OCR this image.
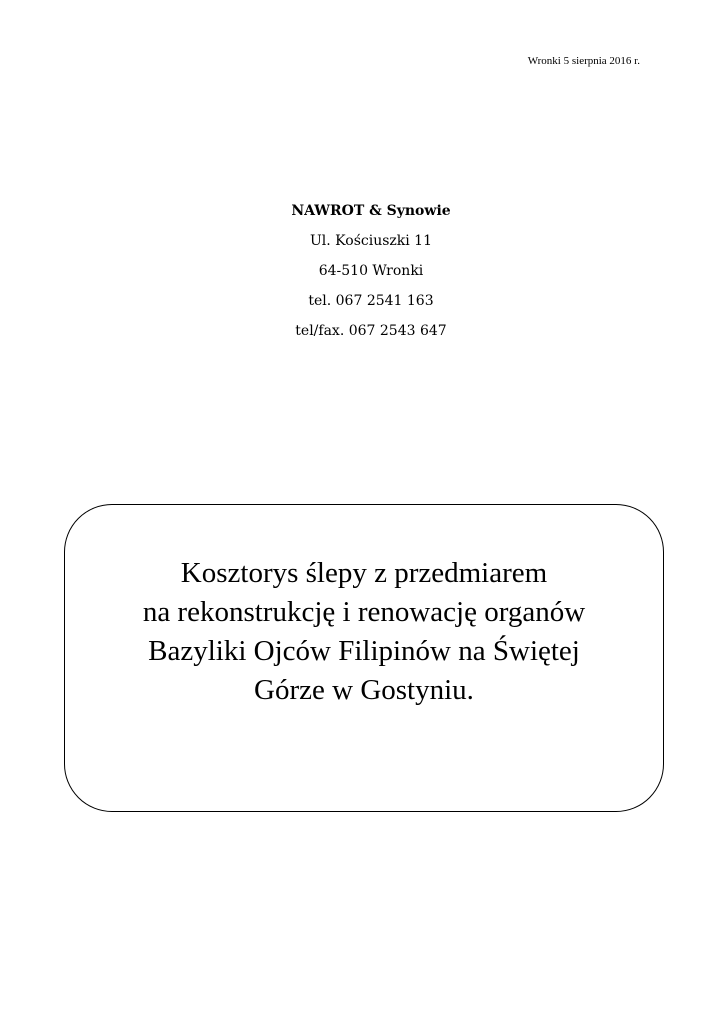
Wronki 5 sierpnia 2016 r.
NAWROT & Synowie
Ul. Kościuszki 11
64-510 Wronki
tel. 067 2541 163
tel/fax. 067 2543 647
Kosztorys ślepy z przedmiarem
na rekonstrukcję i renowację organów
Bazyliki Ojców Filipinów na Świętej
Górze w Gostyniu.
